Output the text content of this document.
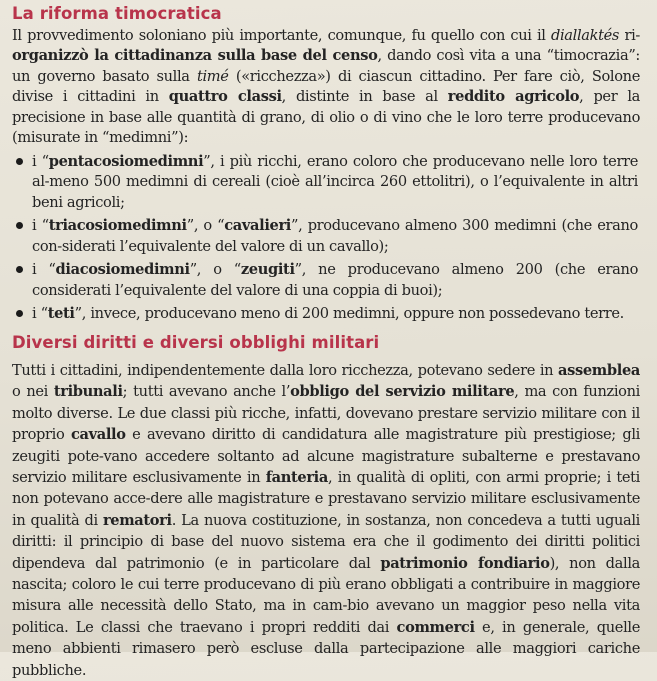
La riforma timocratica

Il provvedimento soloniano più importante, comunque, fu quello con cui il diallaktés ri-organizzò la cittadinanza sulla base del censo, dando così vita a una “timocrazia”: un governo basato sulla timé («ricchezza») di ciascun cittadino. Per fare ciò, Solone divise i cittadini in quattro classi, distinte in base al reddito agricolo, per la precisione in base alle quantità di grano, di olio o di vino che le loro terre producevano (misurate in “medimni”):

i “pentacosiomedimni”, i più ricchi, erano coloro che producevano nelle loro terre al-meno 500 medimni di cereali (cioè all’incirca 260 ettolitri), o l’equivalente in altri beni agricoli;
i “triacosiomedimni”, o “cavalieri”, producevano almeno 300 medimni (che erano con-siderati l’equivalente del valore di un cavallo);
i “diacosiomedimni”, o “zeugiti”, ne producevano almeno 200 (che erano considerati l’equivalente del valore di una coppia di buoi);
i “teti”, invece, producevano meno di 200 medimni, oppure non possedevano terre.
Diversi diritti e diversi obblighi militari

Tutti i cittadini, indipendentemente dalla loro ricchezza, potevano sedere in assemblea o nei tribunali; tutti avevano anche l’obbligo del servizio militare, ma con funzioni molto diverse. Le due classi più ricche, infatti, dovevano prestare servizio militare con il proprio cavallo e avevano diritto di candidatura alle magistrature più prestigiose; gli zeugiti pote-vano accedere soltanto ad alcune magistrature subalterne e prestavano servizio militare esclusivamente in fanteria, in qualità di opliti, con armi proprie; i teti non potevano acce-dere alle magistrature e prestavano servizio militare esclusivamente in qualità di rematori. La nuova costituzione, in sostanza, non concedeva a tutti uguali diritti: il principio di base del nuovo sistema era che il godimento dei diritti politici dipendeva dal patrimonio (e in particolare dal patrimonio fondiario), non dalla nascita; coloro le cui terre producevano di più erano obbligati a contribuire in maggiore misura alle necessità dello Stato, ma in cam-bio avevano un maggior peso nella vita politica. Le classi che traevano i propri redditi dai commerci e, in generale, quelle meno abbienti rimasero però escluse dalla partecipazione alle maggiori cariche pubbliche.
